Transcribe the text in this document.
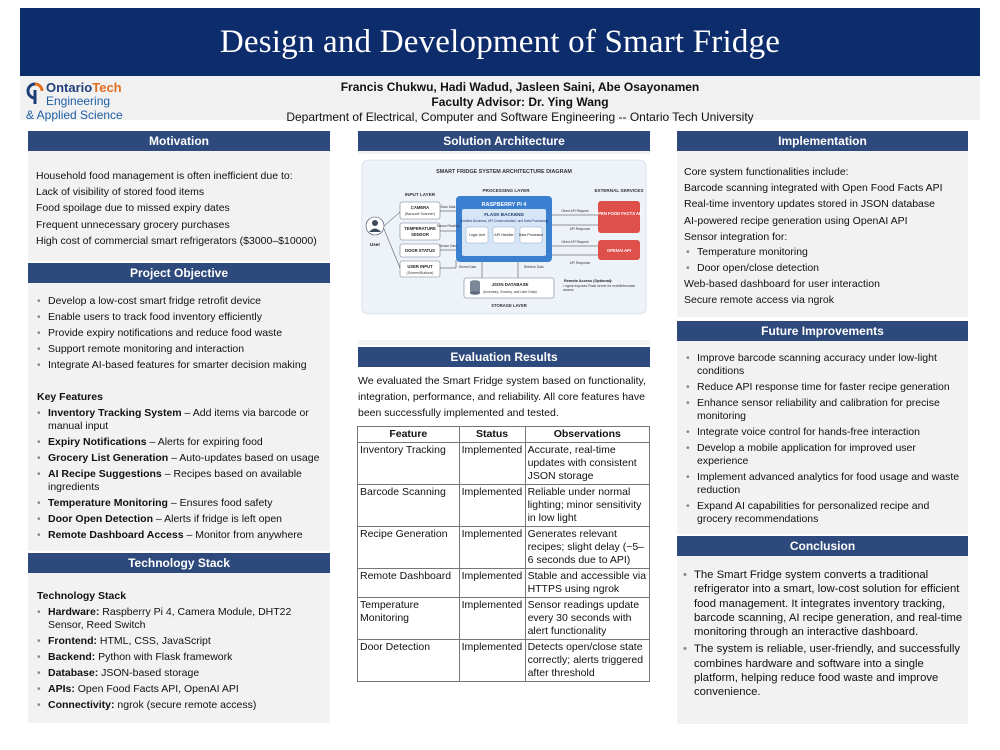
Design and Development of Smart Fridge
OntarioTech
Engineering
& Applied Science
Francis Chukwu, Hadi Wadud, Jasleen Saini, Abe Osayonamen
Faculty Advisor: Dr. Ying Wang
Department of Electrical, Computer and Software Engineering -- Ontario Tech University
Motivation
Household food management is often inefficient due to:
Lack of visibility of stored food items
Food spoilage due to missed expiry dates
Frequent unnecessary grocery purchases
High cost of commercial smart refrigerators ($3000–$10000)
Project Objective
• Develop a low-cost smart fridge retrofit device
• Enable users to track food inventory efficiently
• Provide expiry notifications and reduce food waste
• Support remote monitoring and interaction
• Integrate AI-based features for smarter decision making
Key Features
• Inventory Tracking System – Add items via barcode or manual input
• Expiry Notifications – Alerts for expiring food
• Grocery List Generation – Auto-updates based on usage
• AI Recipe Suggestions – Recipes based on available ingredients
• Temperature Monitoring – Ensures food safety
• Door Open Detection – Alerts if fridge is left open
• Remote Dashboard Access – Monitor from anywhere
Technology Stack
Technology Stack
• Hardware: Raspberry Pi 4, Camera Module, DHT22 Sensor, Reed Switch
• Frontend: HTML, CSS, JavaScript
• Backend: Python with Flask framework
• Database: JSON-based storage
• APIs: Open Food Facts API, OpenAI API
• Connectivity: ngrok (secure remote access)
Solution Architecture
SMART FRIDGE SYSTEM ARCHITECTURE DIAGRAM
INPUT LAYER
PROCESSING LAYER	EXTERNAL SERVICES
User
CAMERA
(Barcode Scanner)
TEMPERATURE
SENSOR
DOOR STATUS
USER INPUT
(Screen/Buttons)
RASPBERRY PI 4
FLASK BACKEND
(Handles Business, API Communication, and Data Processing)
Logic Unit	API Handler Data Processor
Scan Data
Sensor Reading
Sensor Data
OPEN FOOD FACTS API
OPENAI API
Direct API Request
API Response
Direct API Request
API Response
Stored Data	Retrieve Data
JSON DATABASE
(Inventory, Grocery, and User Data)
STORAGE LAYER
Remote Access (Optional):
• ngrok exposes Flask server for mobile/browser access
Evaluation Results
We evaluated the Smart Fridge system based on functionality, integration, performance, and reliability. All core features have been successfully implemented and tested.
Feature	Status	Observations
Inventory Tracking	Implemented	Accurate, real-time updates with consistent JSON storage
Barcode Scanning	Implemented	Reliable under normal lighting; minor sensitivity in low light
Recipe Generation	Implemented	Generates relevant recipes; slight delay (~5–6 seconds due to API)
Remote Dashboard	Implemented	Stable and accessible via HTTPS using ngrok
Temperature Monitoring	Implemented	Sensor readings update every 30 seconds with alert functionality
Door Detection	Implemented	Detects open/close state correctly; alerts triggered after threshold
Implementation
Core system functionalities include:
Barcode scanning integrated with Open Food Facts API
Real-time inventory updates stored in JSON database
AI-powered recipe generation using OpenAI API
Sensor integration for:
• Temperature monitoring
• Door open/close detection
Web-based dashboard for user interaction
Secure remote access via ngrok
Future Improvements
• Improve barcode scanning accuracy under low-light conditions
• Reduce API response time for faster recipe generation
• Enhance sensor reliability and calibration for precise monitoring
• Integrate voice control for hands-free interaction
• Develop a mobile application for improved user experience
• Implement advanced analytics for food usage and waste reduction
• Expand AI capabilities for personalized recipe and grocery recommendations
Conclusion
• The Smart Fridge system converts a traditional refrigerator into a smart, low-cost solution for efficient food management. It integrates inventory tracking, barcode scanning, AI recipe generation, and real-time monitoring through an interactive dashboard.
• The system is reliable, user-friendly, and successfully combines hardware and software into a single platform, helping reduce food waste and improve convenience.
